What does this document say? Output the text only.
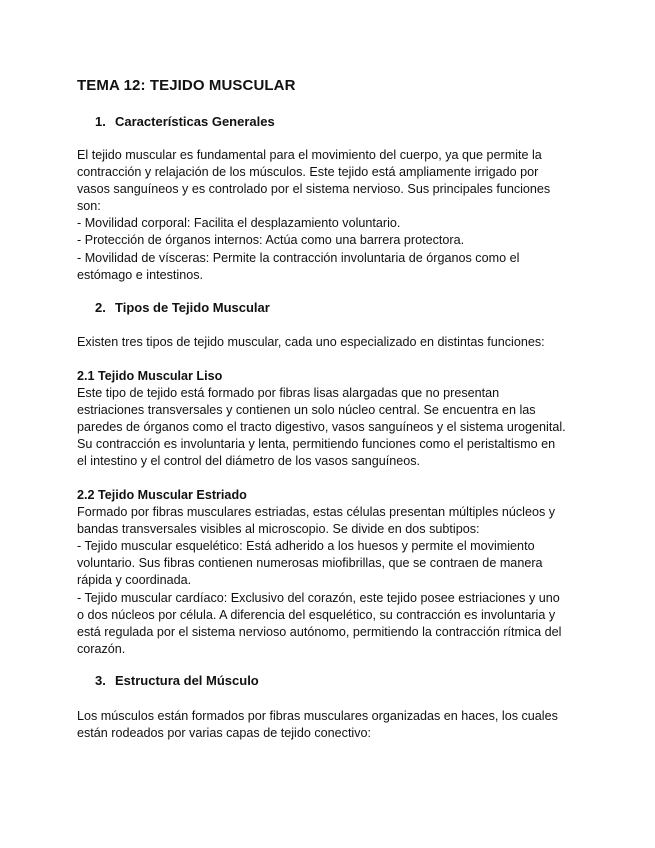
TEMA 12: TEJIDO MUSCULAR
1. Características Generales

El tejido muscular es fundamental para el movimiento del cuerpo, ya que permite la

contracción y relajación de los músculos. Este tejido está ampliamente irrigado por

vasos sanguíneos y es controlado por el sistema nervioso. Sus principales funciones

son:

- Movilidad corporal: Facilita el desplazamiento voluntario.

- Protección de órganos internos: Actúa como una barrera protectora.

- Movilidad de vísceras: Permite la contracción involuntaria de órganos como el

estómago e intestinos.

2. Tipos de Tejido Muscular

Existen tres tipos de tejido muscular, cada uno especializado en distintas funciones:

2.1 Tejido Muscular Liso

Este tipo de tejido está formado por fibras lisas alargadas que no presentan

estriaciones transversales y contienen un solo núcleo central. Se encuentra en las

paredes de órganos como el tracto digestivo, vasos sanguíneos y el sistema urogenital.

Su contracción es involuntaria y lenta, permitiendo funciones como el peristaltismo en

el intestino y el control del diámetro de los vasos sanguíneos.

2.2 Tejido Muscular Estriado

Formado por fibras musculares estriadas, estas células presentan múltiples núcleos y

bandas transversales visibles al microscopio. Se divide en dos subtipos:

- Tejido muscular esquelético: Está adherido a los huesos y permite el movimiento

voluntario. Sus fibras contienen numerosas miofibrillas, que se contraen de manera

rápida y coordinada.

- Tejido muscular cardíaco: Exclusivo del corazón, este tejido posee estriaciones y uno

o dos núcleos por célula. A diferencia del esquelético, su contracción es involuntaria y

está regulada por el sistema nervioso autónomo, permitiendo la contracción rítmica del

corazón.

3. Estructura del Músculo

Los músculos están formados por fibras musculares organizadas en haces, los cuales

están rodeados por varias capas de tejido conectivo:
